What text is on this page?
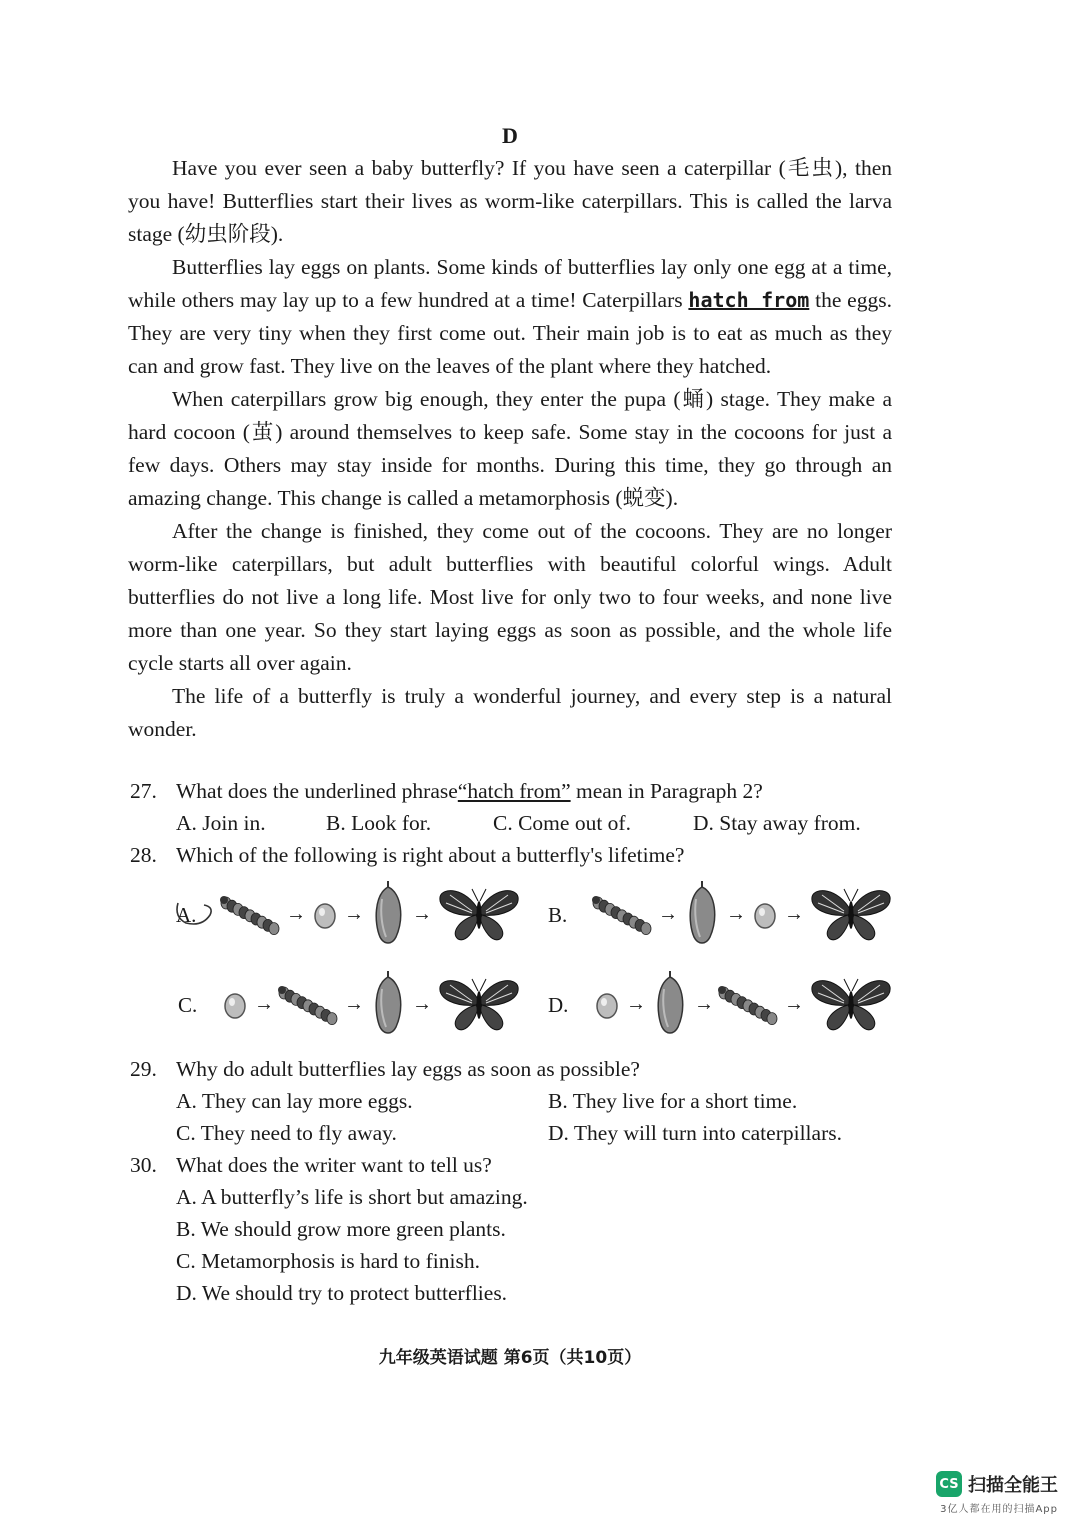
D

Have you ever seen a baby butterfly? If you have seen a caterpillar (毛虫), then you have! Butterflies start their lives as worm-like caterpillars. This is called the larva stage (幼虫阶段).

Butterflies lay eggs on plants. Some kinds of butterflies lay only one egg at a time, while others may lay up to a few hundred at a time! Caterpillars hatch from the eggs. They are very tiny when they first come out. Their main job is to eat as much as they can and grow fast. They live on the leaves of the plant where they hatched.

When caterpillars grow big enough, they enter the pupa (蛹) stage. They make a hard cocoon (茧) around themselves to keep safe. Some stay in the cocoons for just a few days. Others may stay inside for months. During this time, they go through an amazing change. This change is called a metamorphosis (蜕变).

After the change is finished, they come out of the cocoons. They are no longer worm-like caterpillars, but adult butterflies with beautiful colorful wings. Adult butterflies do not live a long life. Most live for only two to four weeks, and none live more than one year. So they start laying eggs as soon as possible, and the whole life cycle starts all over again.

The life of a butterfly is truly a wonderful journey, and every step is a natural wonder.

27. What does the underlined phrase“hatch from” mean in Paragraph 2?
A. Join in.	B. Look for.	C. Come out of.	D. Stay away from.
28. Which of the following is right about a butterfly's lifetime?
A.	→ → →	B.	→ → →
C.	→	→ →	D.	→ →	→
29. Why do adult butterflies lay eggs as soon as possible?
A. They can lay more eggs.	B. They live for a short time.
C. They need to fly away.	D. They will turn into caterpillars.
30. What does the writer want to tell us?
A. A butterfly’s life is short but amazing.
B. We should grow more green plants.
C. Metamorphosis is hard to finish.
D. We should try to protect butterflies.
九年级英语试题 第6页（共10页）
CS 扫描全能王
3亿人都在用的扫描App
